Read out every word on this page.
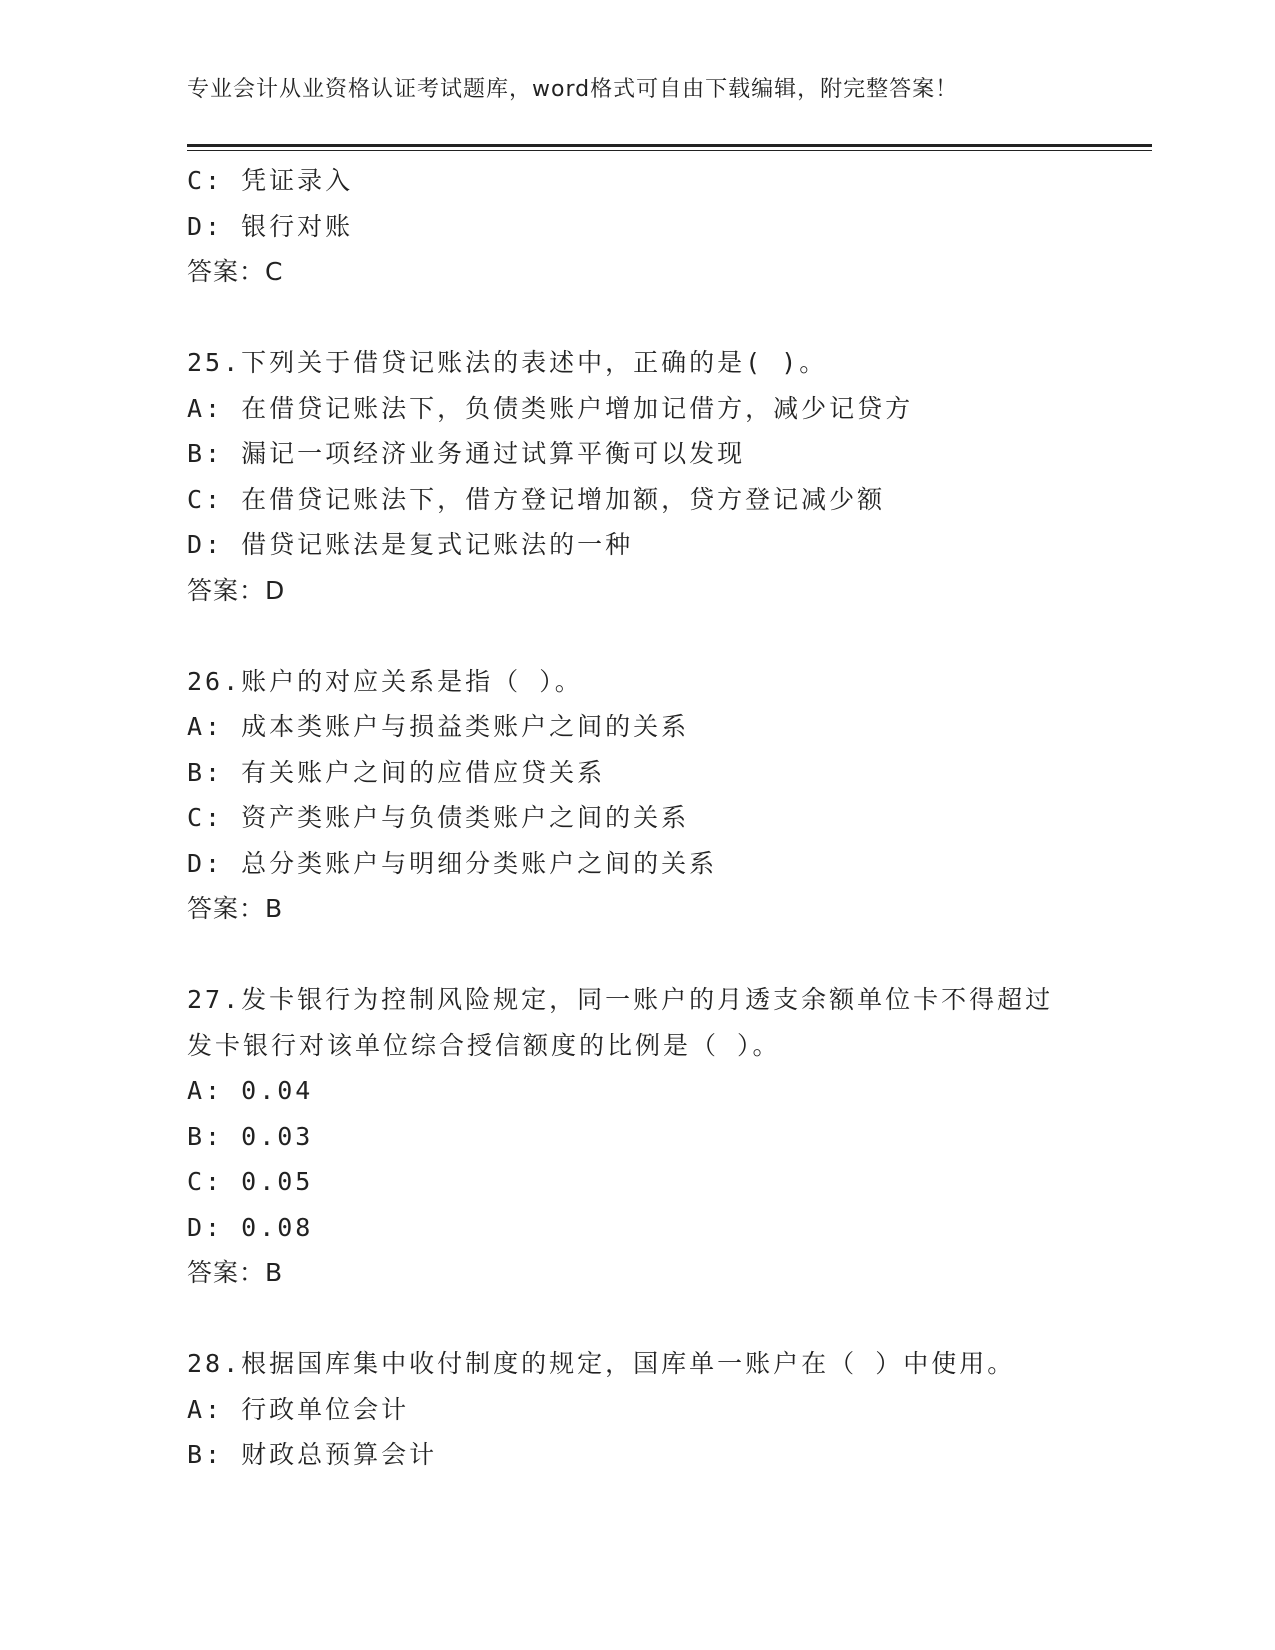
专业会计从业资格认证考试题库，word格式可自由下载编辑，附完整答案！
C: 凭证录入
D: 银行对账
答案：C
25.下列关于借贷记账法的表述中，正确的是( )。
A: 在借贷记账法下，负债类账户增加记借方，减少记贷方
B: 漏记一项经济业务通过试算平衡可以发现
C: 在借贷记账法下，借方登记增加额，贷方登记减少额
D: 借贷记账法是复式记账法的一种
答案：D
26.账户的对应关系是指（ ）。
A: 成本类账户与损益类账户之间的关系
B: 有关账户之间的应借应贷关系
C: 资产类账户与负债类账户之间的关系
D: 总分类账户与明细分类账户之间的关系
答案：B
27.发卡银行为控制风险规定，同一账户的月透支余额单位卡不得超过
发卡银行对该单位综合授信额度的比例是（ ）。
A: 0.04
B: 0.03
C: 0.05
D: 0.08
答案：B
28.根据国库集中收付制度的规定，国库单一账户在（ ）中使用。
A: 行政单位会计
B: 财政总预算会计
